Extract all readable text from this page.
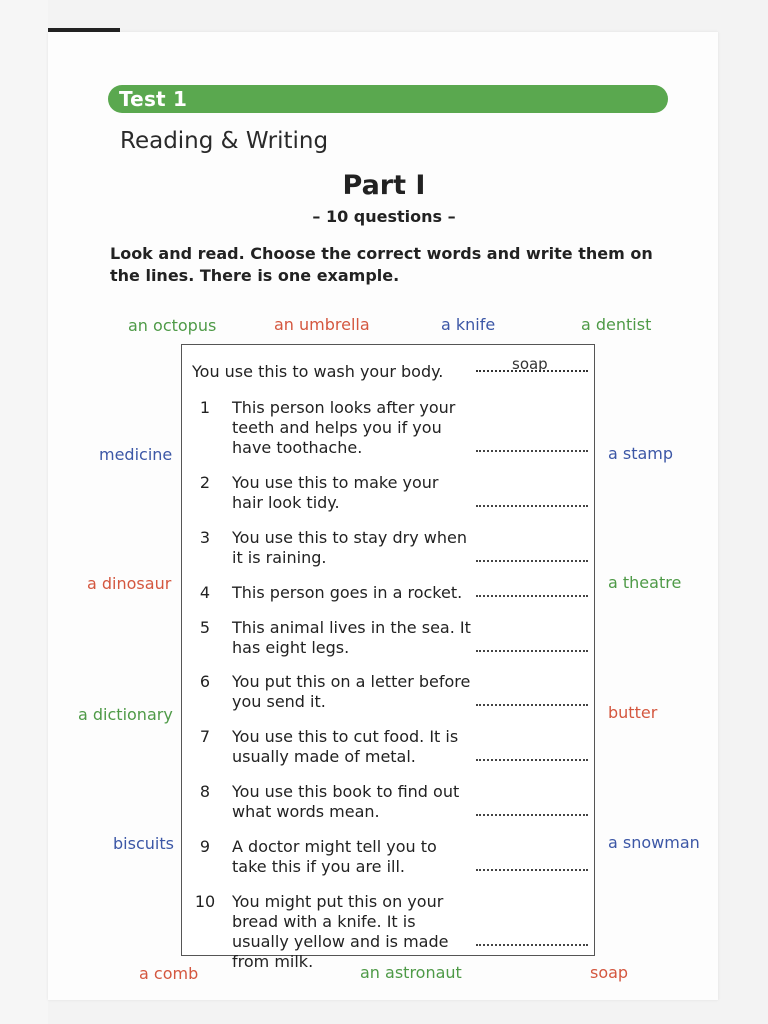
Test 1
Reading & Writing
Part I
– 10 questions –
Look and read. Choose the correct words and write them on the lines. There is one example.
an octopus	an umbrella	a knife	a dentist
medicine	a stamp
a dinosaur	a theatre
a dictionary	butter
biscuits	a snowman
a comb	an astronaut	soap
You use this to wash your body.	soap
1	This person looks after your teeth and helps you if you have toothache.
2	You use this to make your hair look tidy.
3	You use this to stay dry when it is raining.
4	This person goes in a rocket.
5	This animal lives in the sea. It has eight legs.
6	You put this on a letter before you send it.
7	You use this to cut food. It is usually made of metal.
8	You use this book to find out what words mean.
9	A doctor might tell you to take this if you are ill.
10 You might put this on your bread with a knife. It is usually yellow and is made from milk.
